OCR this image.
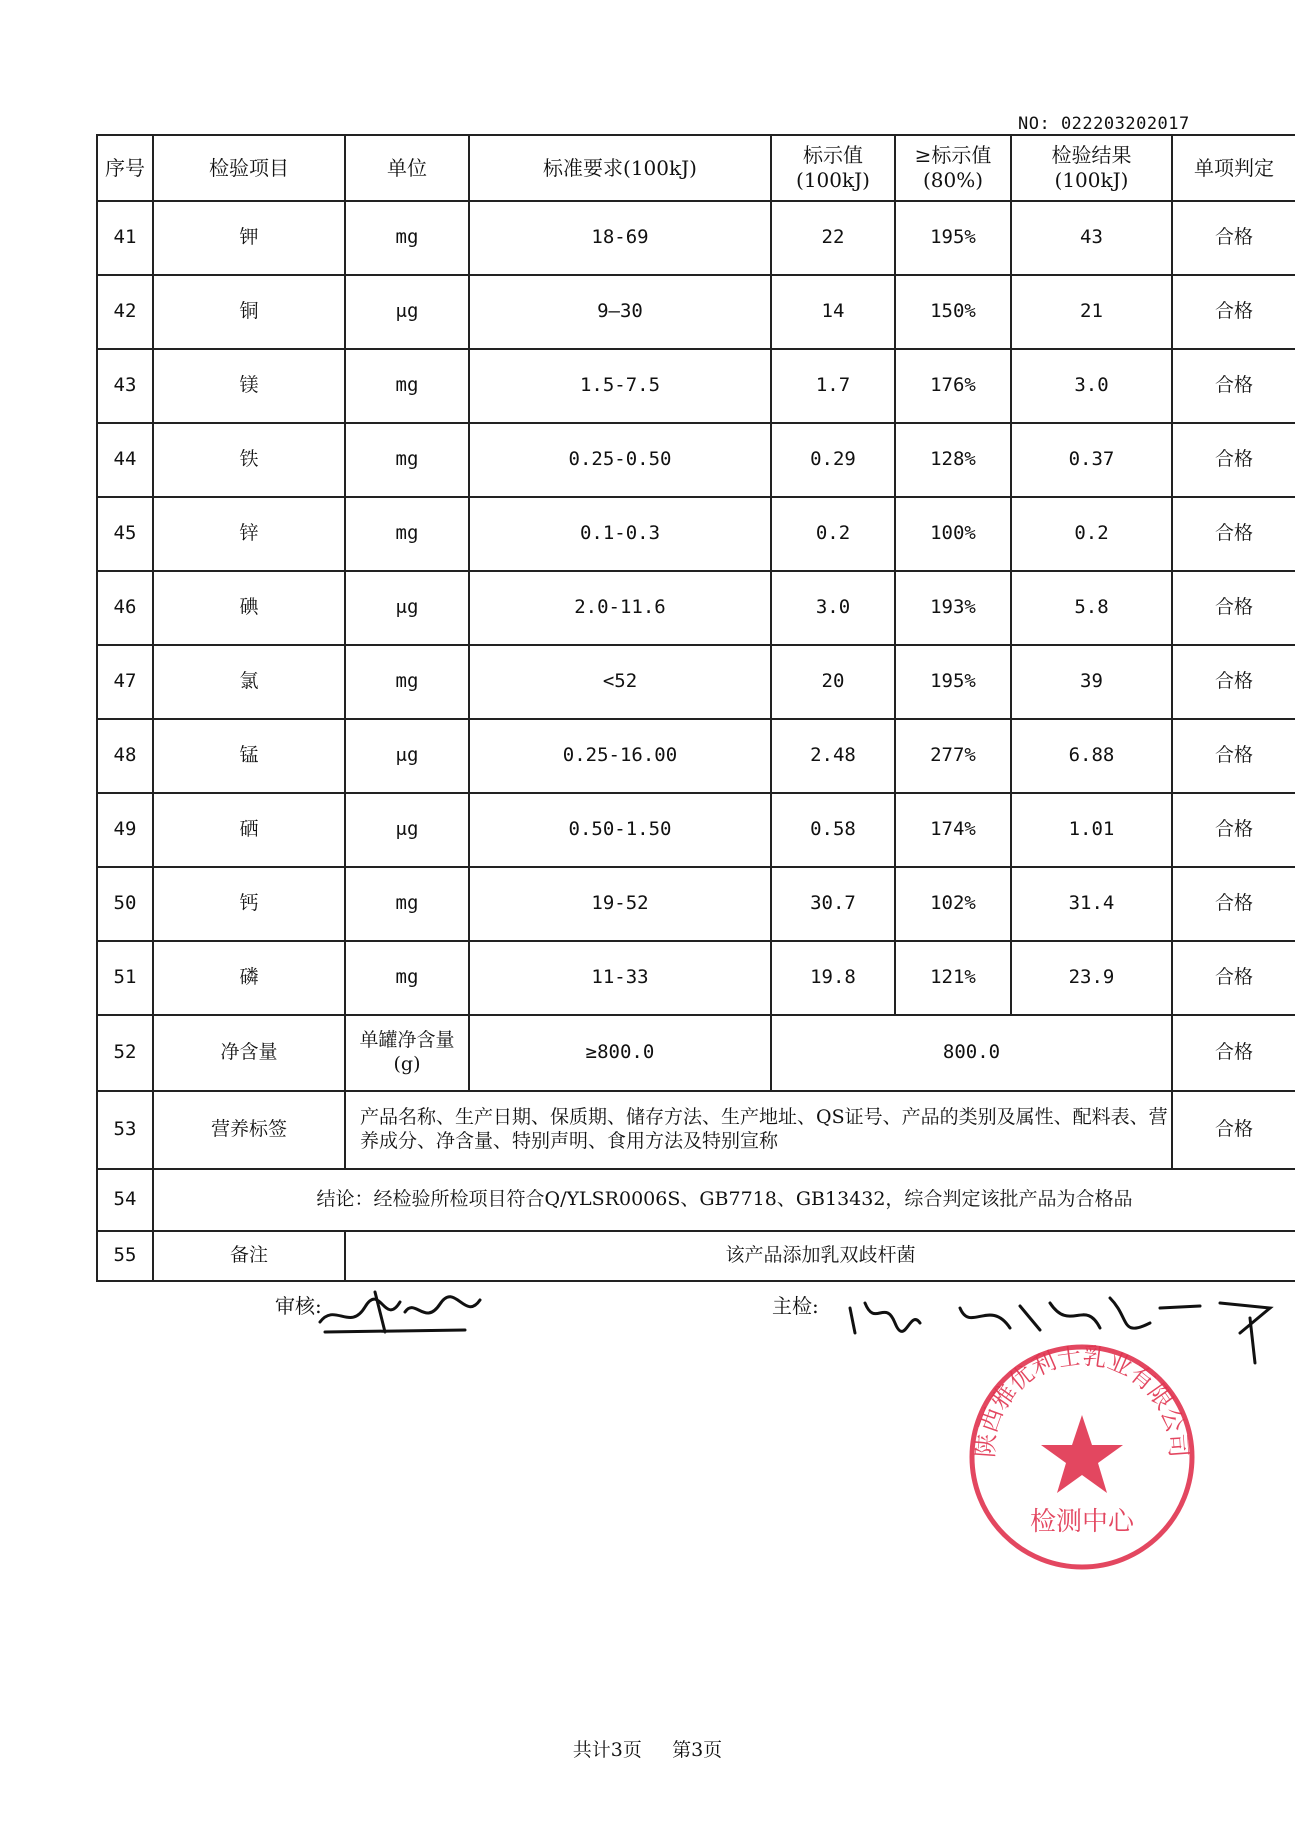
NO: 022203202017
序号	检验项目	单位	标准要求(100kJ)	标示值(100kJ)	≥标示值(80%)	检验结果(100kJ)	单项判定
41	钾	mg	18-69	22	195%	43	合格
42	铜	μg	9—30	14	150%	21	合格
43	镁	mg	1.5-7.5	1.7	176%	3.0	合格
44	铁	mg	0.25-0.50	0.29	128%	0.37	合格
45	锌	mg	0.1-0.3	0.2	100%	0.2	合格
46	碘	μg	2.0-11.6	3.0	193%	5.8	合格
47	氯	mg	<52	20	195%	39	合格
48	锰	μg	0.25-16.00	2.48	277%	6.88	合格
49	硒	μg	0.50-1.50	0.58	174%	1.01	合格
50	钙	mg	19-52	30.7	102%	31.4	合格
51	磷	mg	11-33	19.8	121%	23.9	合格
52	净含量	单罐净含量(g)	≥800.0	800.0			合格
53	营养标签	产品名称、生产日期、保质期、储存方法、生产地址、QS证号、产品的类别及属性、配料表、营养成分、净含量、特别声明、食用方法及特别宣称					合格
54	结论：经检验所检项目符合Q/YLSR0006S、GB7718、GB13432，综合判定该批产品为合格品						
55	备注	该产品添加乳双歧杆菌					
审核:	主检:
陕西雅优利士乳业有限公司
检测中心
共计3页 第3页
